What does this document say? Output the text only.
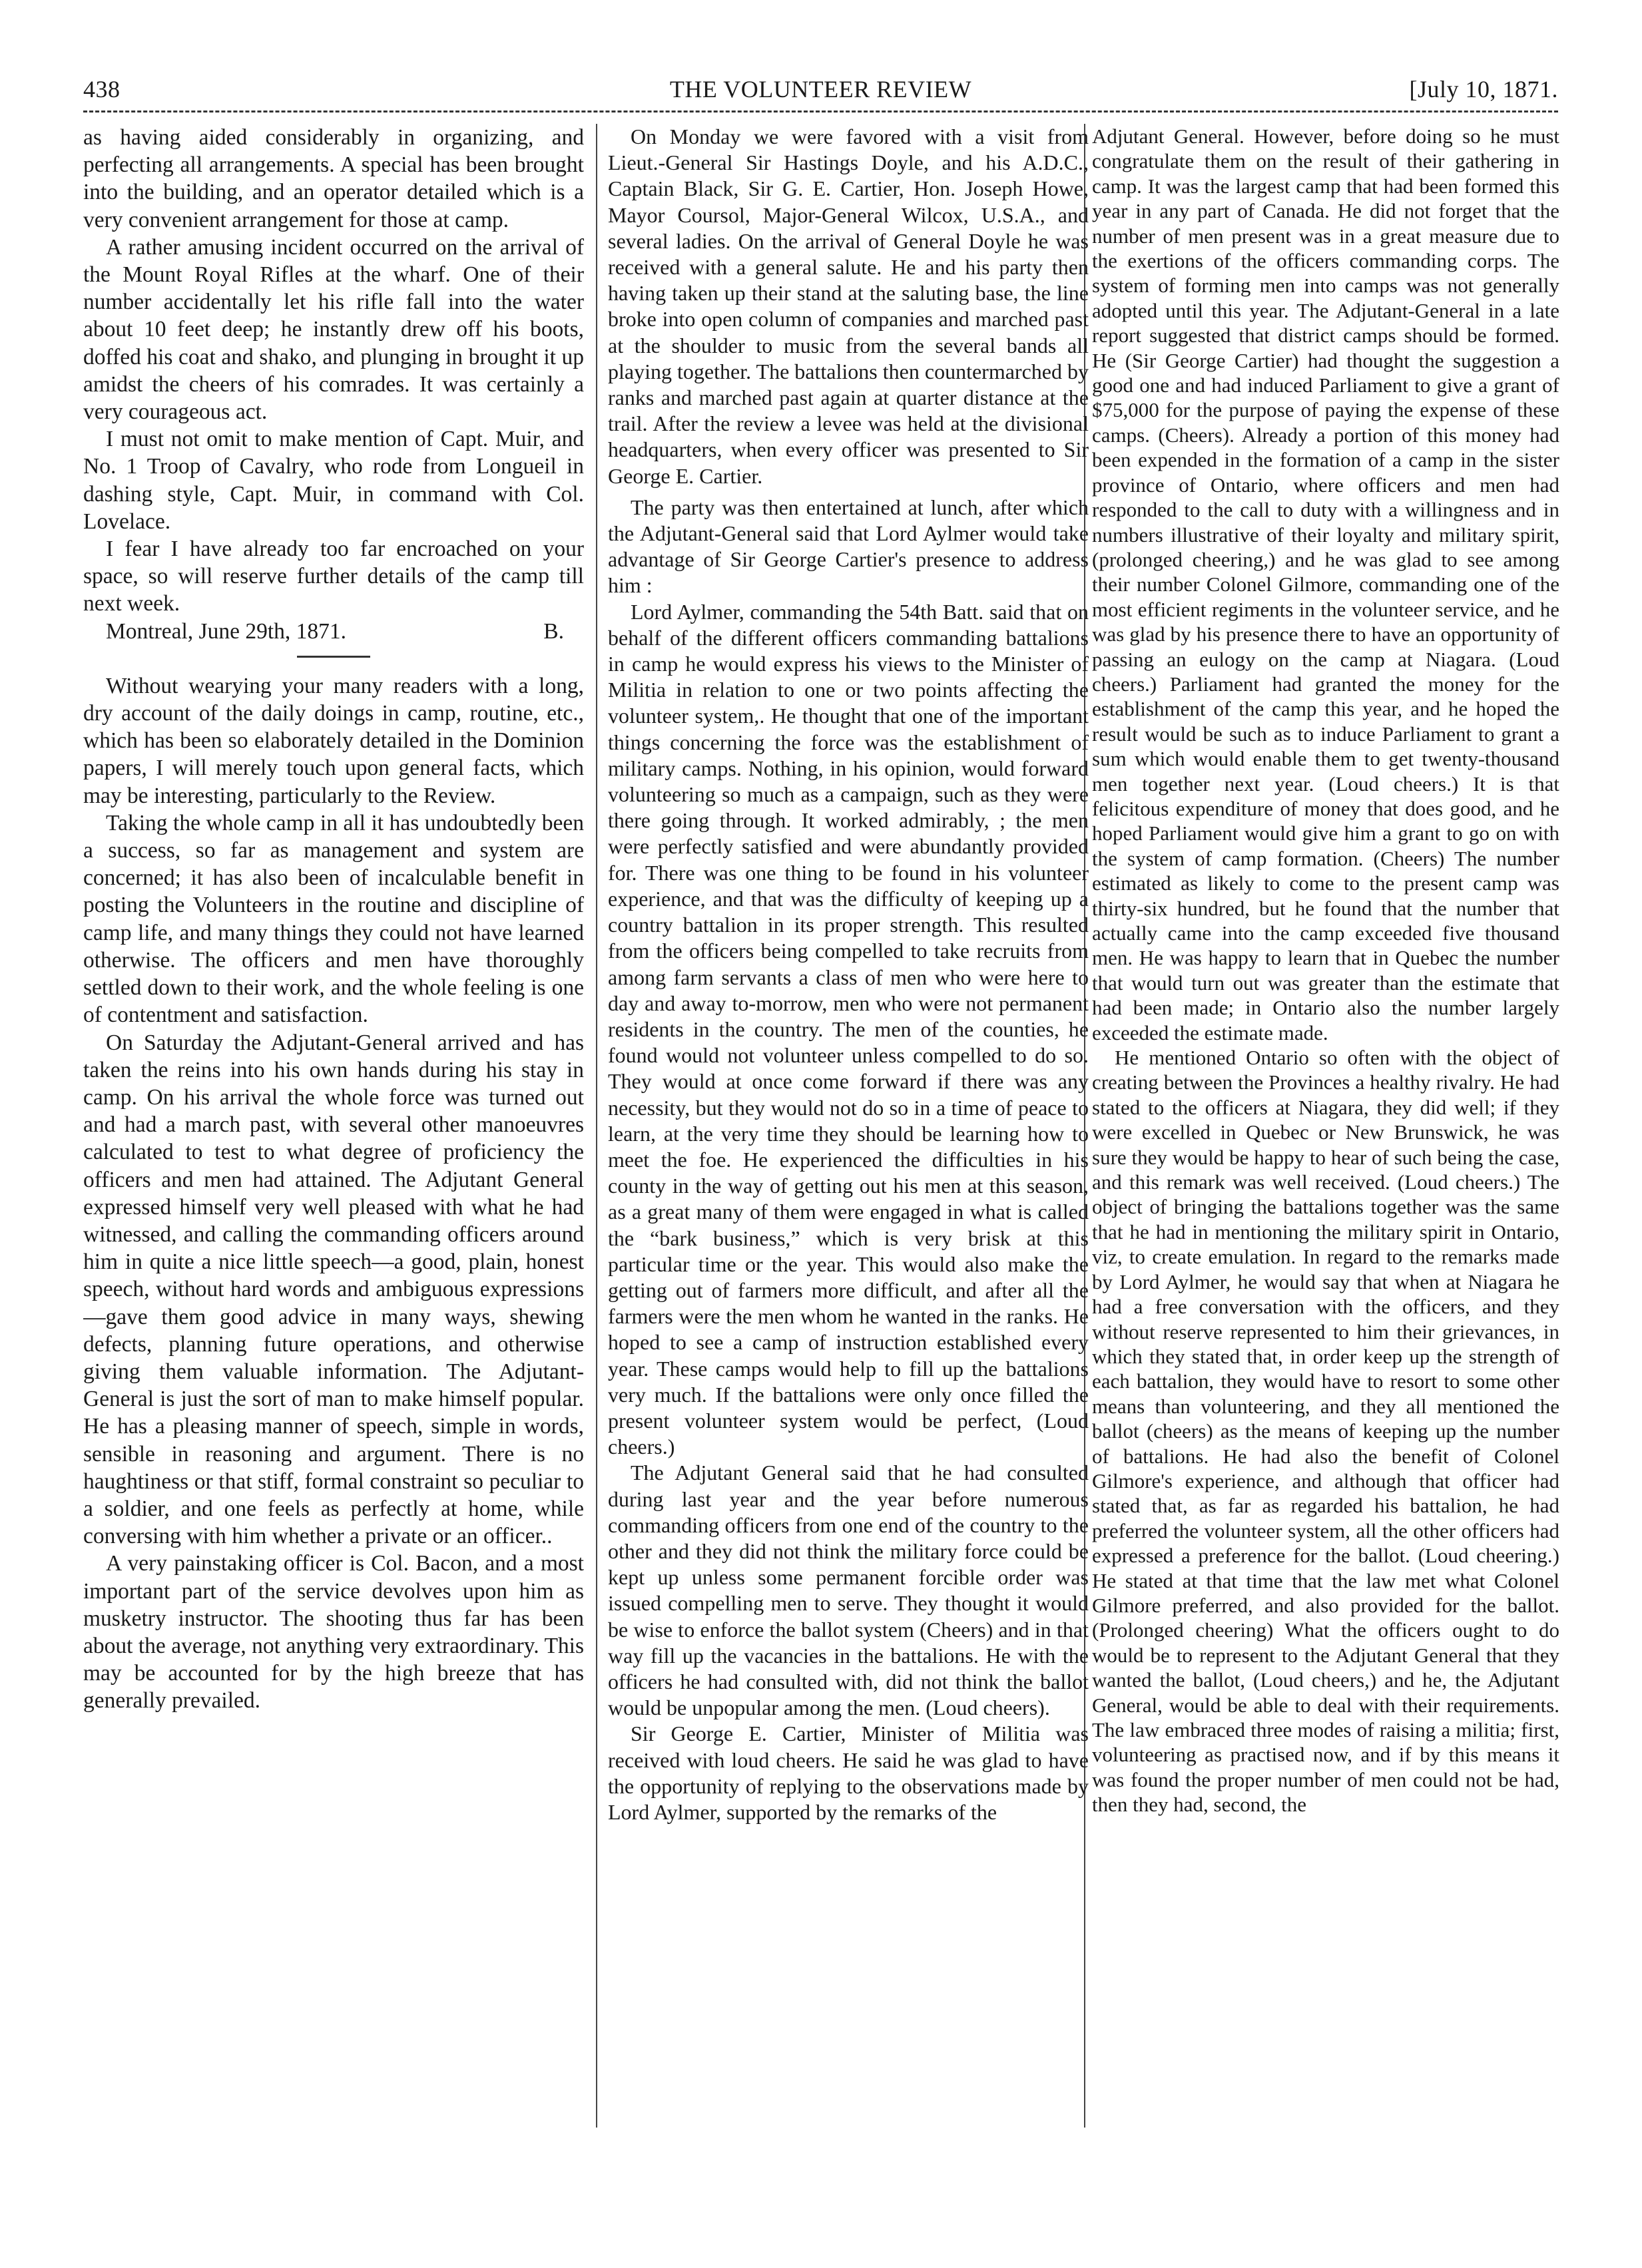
438	THE VOLUNTEER REVIEW	[July 10, 1871.

as having aided considerably in organizing, and perfecting all arrangements. A special has been brought into the building, and an operator detailed which is a very convenient arrangement for those at camp.

A rather amusing incident occurred on the arrival of the Mount Royal Rifles at the wharf. One of their number accidentally let his rifle fall into the water about 10 feet deep; he instantly drew off his boots, doffed his coat and shako, and plunging in brought it up amidst the cheers of his comrades. It was certainly a very courageous act.

I must not omit to make mention of Capt. Muir, and No. 1 Troop of Cavalry, who rode from Longueil in dashing style, Capt. Muir, in command with Col. Lovelace.

I fear I have already too far encroached on your space, so will reserve further details of the camp till next week.

Montreal, June 29th, 1871.	B.

Without wearying your many readers with a long, dry account of the daily doings in camp, routine, etc., which has been so elaborately detailed in the Dominion papers, I will merely touch upon general facts, which may be interesting, particularly to the Review.

Taking the whole camp in all it has undoubtedly been a success, so far as management and system are concerned; it has also been of incalculable benefit in posting the Volunteers in the routine and discipline of camp life, and many things they could not have learned otherwise. The officers and men have thoroughly settled down to their work, and the whole feeling is one of contentment and satisfaction.

On Saturday the Adjutant-General arrived and has taken the reins into his own hands during his stay in camp. On his arrival the whole force was turned out and had a march past, with several other manoeuvres calculated to test to what degree of proficiency the officers and men had attained. The Adjutant General expressed himself very well pleased with what he had witnessed, and calling the commanding officers around him in quite a nice little speech—a good, plain, honest speech, without hard words and ambiguous expressions—gave them good advice in many ways, shewing defects, planning future operations, and otherwise giving them valuable information. The Adjutant-General is just the sort of man to make himself popular. He has a pleasing manner of speech, simple in words, sensible in reasoning and argument. There is no haughtiness or that stiff, formal constraint so peculiar to a soldier, and one feels as perfectly at home, while conversing with him whether a private or an officer..

A very painstaking officer is Col. Bacon, and a most important part of the service devolves upon him as musketry instructor. The shooting thus far has been about the average, not anything very extraordinary. This may be accounted for by the high breeze that has generally prevailed.

On Monday we were favored with a visit from Lieut.-General Sir Hastings Doyle, and his A.D.C., Captain Black, Sir G. E. Cartier, Hon. Joseph Howe, Mayor Coursol, Major-General Wilcox, U.S.A., and several ladies. On the arrival of General Doyle he was received with a general salute. He and his party then having taken up their stand at the saluting base, the line broke into open column of companies and marched past at the shoulder to music from the several bands all playing together. The battalions then countermarched by ranks and marched past again at quarter distance at the trail. After the review a levee was held at the divisional headquarters, when every officer was presented to Sir George E. Cartier.

The party was then entertained at lunch, after which the Adjutant-General said that Lord Aylmer would take advantage of Sir George Cartier's presence to address him :

Lord Aylmer, commanding the 54th Batt. said that on behalf of the different officers commanding battalions in camp he would express his views to the Minister of Militia in relation to one or two points affecting the volunteer system,. He thought that one of the important things concerning the force was the establishment of military camps. Nothing, in his opinion, would forward volunteering so much as a campaign, such as they were there going through. It worked admirably, ; the men were perfectly satisfied and were abundantly provided for. There was one thing to be found in his volunteer experience, and that was the difficulty of keeping up a country battalion in its proper strength. This resulted from the officers being compelled to take recruits from among farm servants a class of men who were here to day and away to-morrow, men who were not permanent residents in the country. The men of the counties, he found would not volunteer unless compelled to do so. They would at once come forward if there was any necessity, but they would not do so in a time of peace to learn, at the very time they should be learning how to meet the foe. He experienced the difficulties in his county in the way of getting out his men at this season, as a great many of them were engaged in what is called the “bark business,” which is very brisk at this particular time or the year. This would also make the getting out of farmers more difficult, and after all the farmers were the men whom he wanted in the ranks. He hoped to see a camp of instruction established every year. These camps would help to fill up the battalions very much. If the battalions were only once filled the present volunteer system would be perfect, (Loud cheers.)

The Adjutant General said that he had consulted during last year and the year before numerous commanding officers from one end of the country to the other and they did not think the military force could be kept up unless some permanent forcible order was issued compelling men to serve. They thought it would be wise to enforce the ballot system (Cheers) and in that way fill up the vacancies in the battalions. He with the officers he had consulted with, did not think the ballot would be unpopular among the men. (Loud cheers).

Sir George E. Cartier, Minister of Militia was received with loud cheers. He said he was glad to have the opportunity of replying to the observations made by Lord Aylmer, supported by the remarks of the

Adjutant General. However, before doing so he must congratulate them on the result of their gathering in camp. It was the largest camp that had been formed this year in any part of Canada. He did not forget that the number of men present was in a great measure due to the exertions of the officers commanding corps. The system of forming men into camps was not generally adopted until this year. The Adjutant-General in a late report suggested that district camps should be formed. He (Sir George Cartier) had thought the suggestion a good one and had induced Parliament to give a grant of $75,000 for the purpose of paying the expense of these camps. (Cheers). Already a portion of this money had been expended in the formation of a camp in the sister province of Ontario, where officers and men had responded to the call to duty with a willingness and in numbers illustrative of their loyalty and military spirit, (prolonged cheering,) and he was glad to see among their number Colonel Gilmore, commanding one of the most efficient regiments in the volunteer service, and he was glad by his presence there to have an opportunity of passing an eulogy on the camp at Niagara. (Loud cheers.) Parliament had granted the money for the establishment of the camp this year, and he hoped the result would be such as to induce Parliament to grant a sum which would enable them to get twenty-thousand men together next year. (Loud cheers.) It is that felicitous expenditure of money that does good, and he hoped Parliament would give him a grant to go on with the system of camp formation. (Cheers) The number estimated as likely to come to the present camp was thirty-six hundred, but he found that the number that actually came into the camp exceeded five thousand men. He was happy to learn that in Quebec the number that would turn out was greater than the estimate that had been made; in Ontario also the number largely exceeded the estimate made.

He mentioned Ontario so often with the object of creating between the Provinces a healthy rivalry. He had stated to the officers at Niagara, they did well; if they were excelled in Quebec or New Brunswick, he was sure they would be happy to hear of such being the case, and this remark was well received. (Loud cheers.) The object of bringing the battalions together was the same that he had in mentioning the military spirit in Ontario, viz, to create emulation. In regard to the remarks made by Lord Aylmer, he would say that when at Niagara he had a free conversation with the officers, and they without reserve represented to him their grievances, in which they stated that, in order keep up the strength of each battalion, they would have to resort to some other means than volunteering, and they all mentioned the ballot (cheers) as the means of keeping up the number of battalions. He had also the benefit of Colonel Gilmore's experience, and although that officer had stated that, as far as regarded his battalion, he had preferred the volunteer system, all the other officers had expressed a preference for the ballot. (Loud cheering.) He stated at that time that the law met what Colonel Gilmore preferred, and also provided for the ballot. (Prolonged cheering) What the officers ought to do would be to represent to the Adjutant General that they wanted the ballot, (Loud cheers,) and he, the Adjutant General, would be able to deal with their requirements. The law embraced three modes of raising a militia; first, volunteering as practised now, and if by this means it was found the proper number of men could not be had, then they had, second, the
